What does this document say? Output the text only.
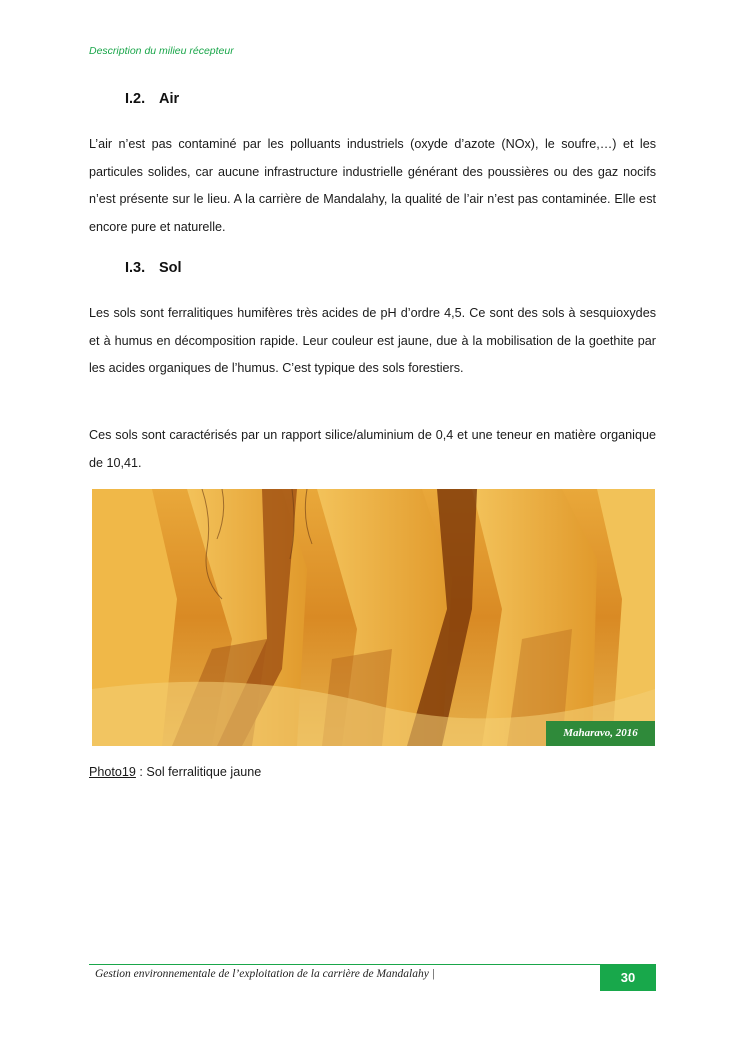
Description du milieu récepteur
I.2. Air

L’air n’est pas contaminé par les polluants industriels (oxyde d’azote (NOx), le soufre,…) et les particules solides, car aucune infrastructure industrielle générant des poussières ou des gaz nocifs n’est présente sur le lieu. A la carrière de Mandalahy, la qualité de l’air n’est pas contaminée. Elle est encore pure et naturelle.

I.3. Sol

Les sols sont ferralitiques humifères très acides de pH d’ordre 4,5. Ce sont des sols à sesquioxydes et à humus en décomposition rapide. Leur couleur est jaune, due à la mobilisation de la goethite par les acides organiques de l’humus. C’est typique des sols forestiers.

Ces sols sont caractérisés par un rapport silice/aluminium de 0,4 et une teneur en matière organique de 10,41.

Maharavo, 2016
Photo19 : Sol ferralitique jaune
Gestion environnementale de l’exploitation de la carrière de Mandalahy |	30
